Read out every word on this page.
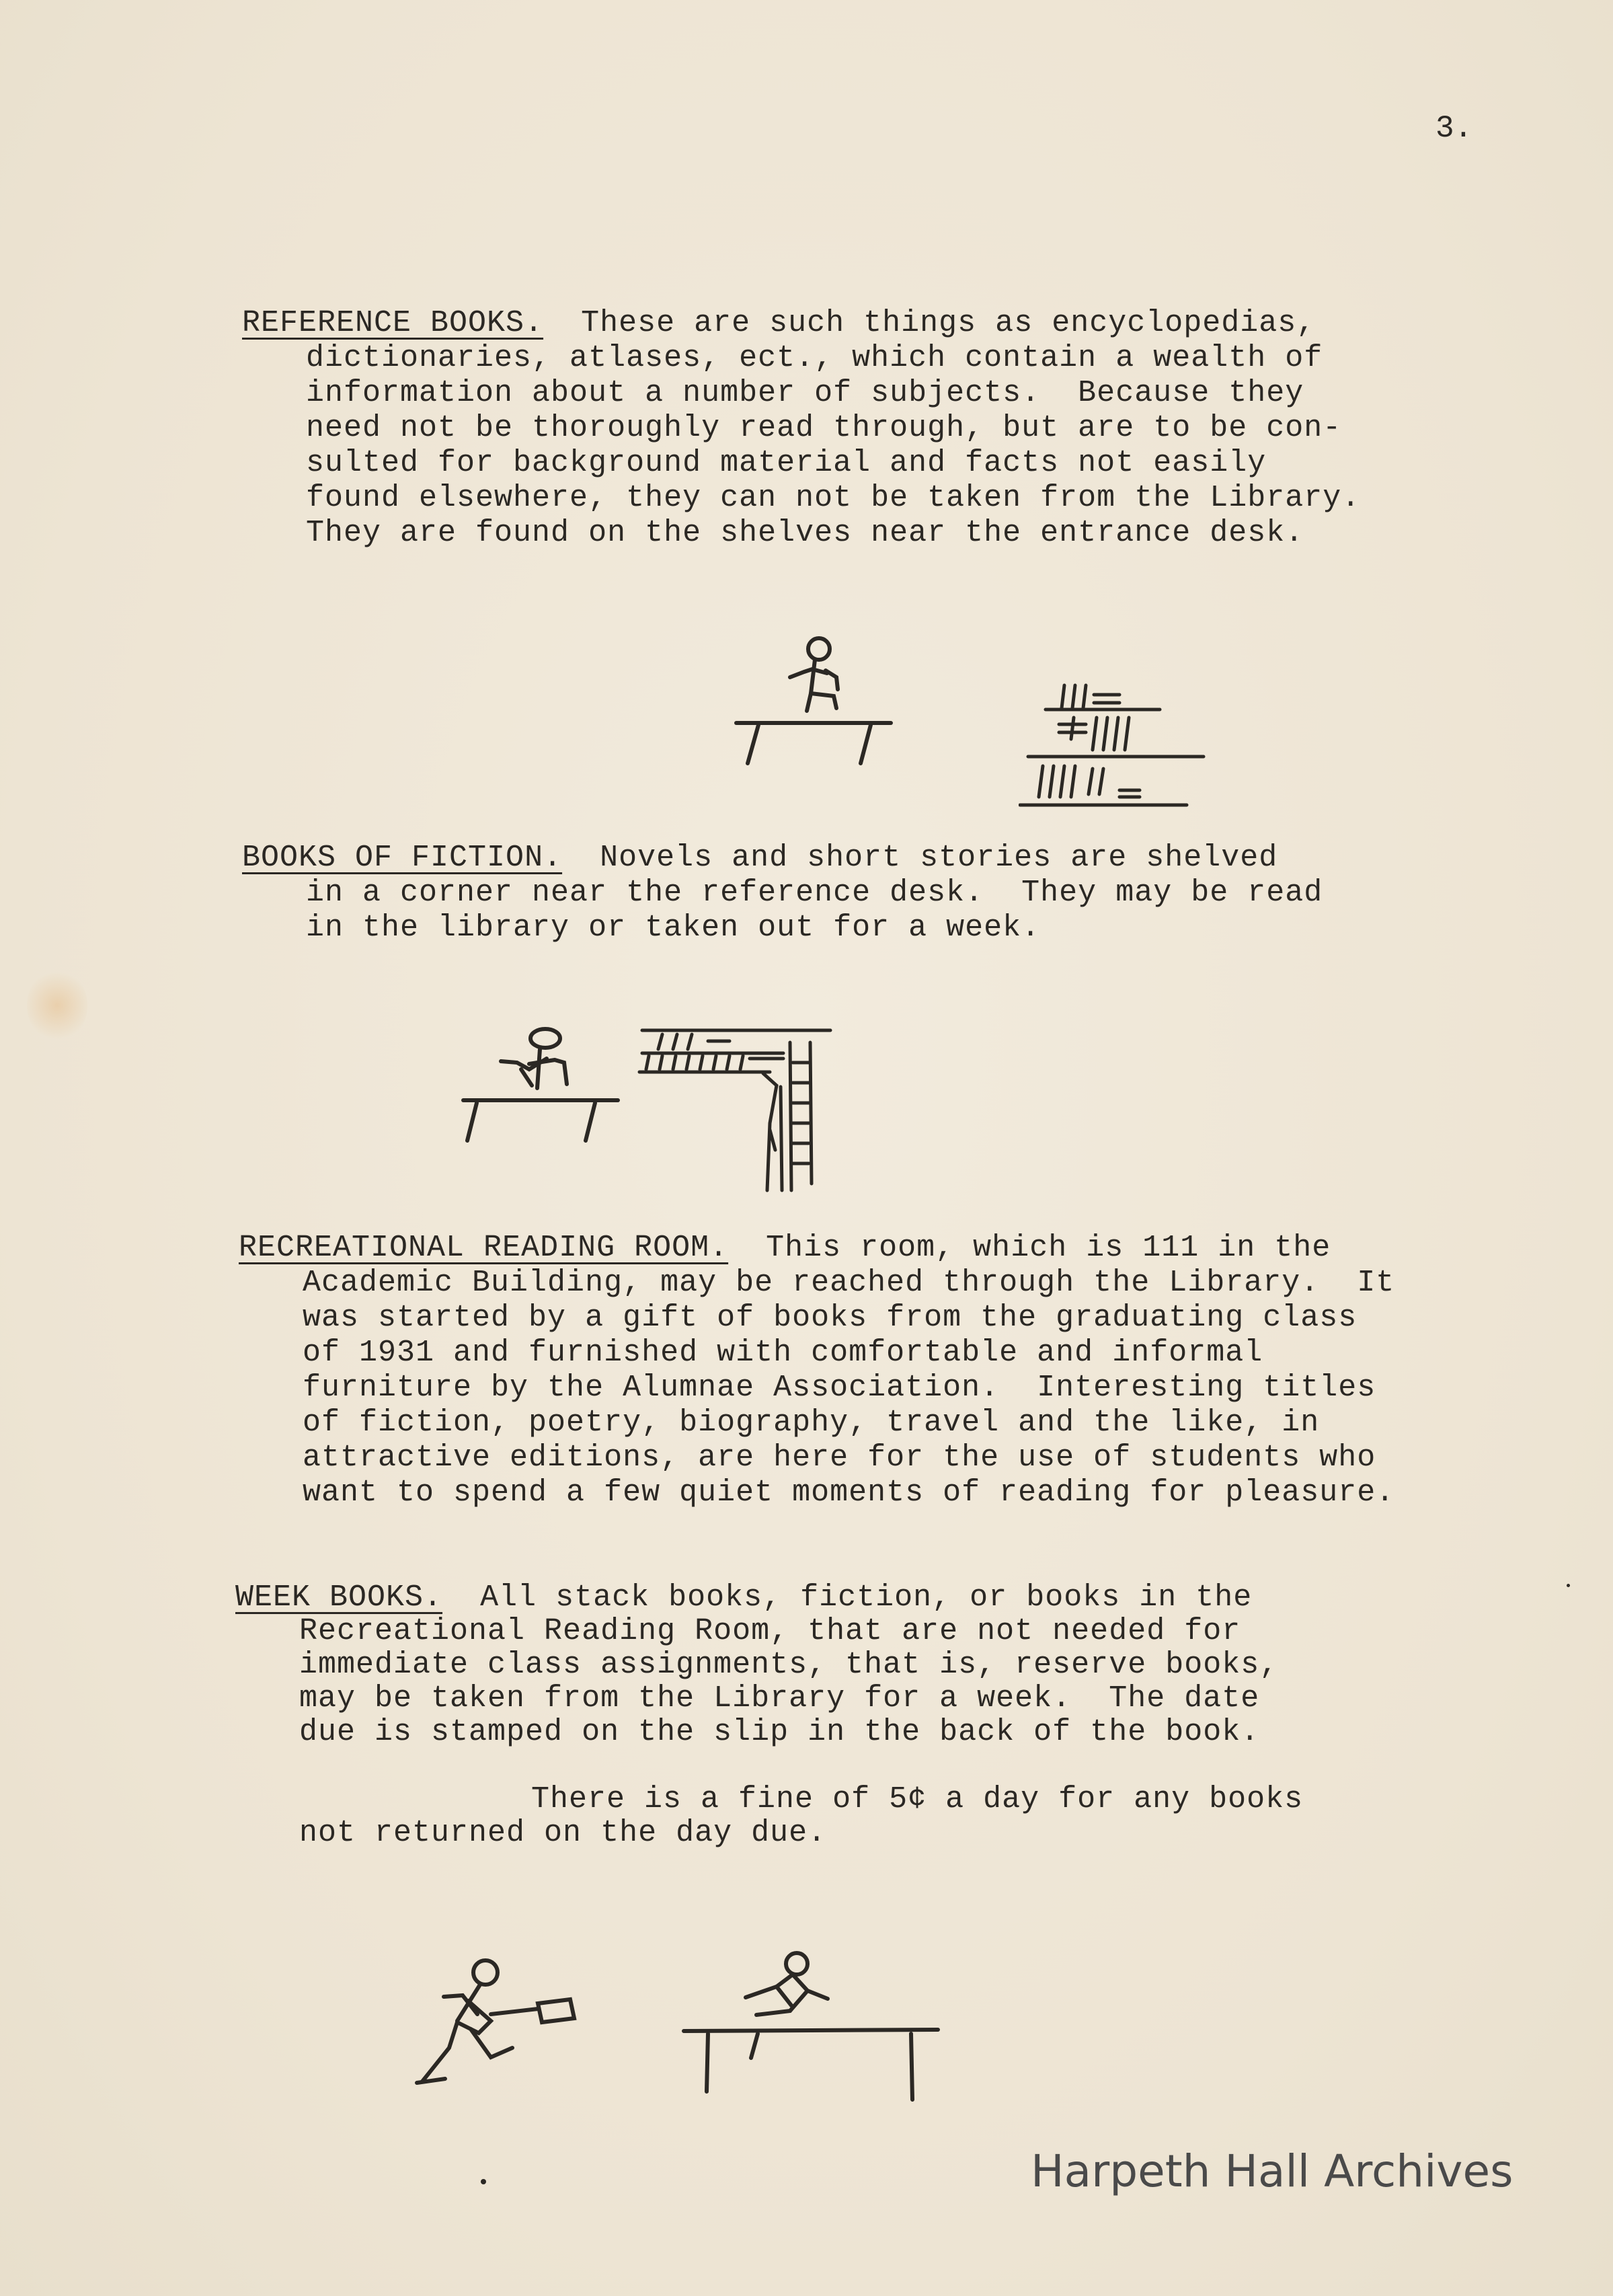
3.
REFERENCE BOOKS.  These are such things as encyclopedias,
dictionaries, atlases, ect., which contain a wealth of
information about a number of subjects.  Because they
need not be thoroughly read through, but are to be con-
sulted for background material and facts not easily
found elsewhere, they can not be taken from the Library.
They are found on the shelves near the entrance desk.
BOOKS OF FICTION.  Novels and short stories are shelved
in a corner near the reference desk.  They may be read
in the library or taken out for a week.
RECREATIONAL READING ROOM.  This room, which is 111 in the
Academic Building, may be reached through the Library.  It
was started by a gift of books from the graduating class
of 1931 and furnished with comfortable and informal
furniture by the Alumnae Association.  Interesting titles
of fiction, poetry, biography, travel and the like, in
attractive editions, are here for the use of students who
want to spend a few quiet moments of reading for pleasure.
WEEK BOOKS.  All stack books, fiction, or books in the
Recreational Reading Room, that are not needed for
immediate class assignments, that is, reserve books,
may be taken from the Library for a week.  The date
due is stamped on the slip in the back of the book.
There is a fine of 5¢ a day for any books
not returned on the day due.
Harpeth Hall Archives
